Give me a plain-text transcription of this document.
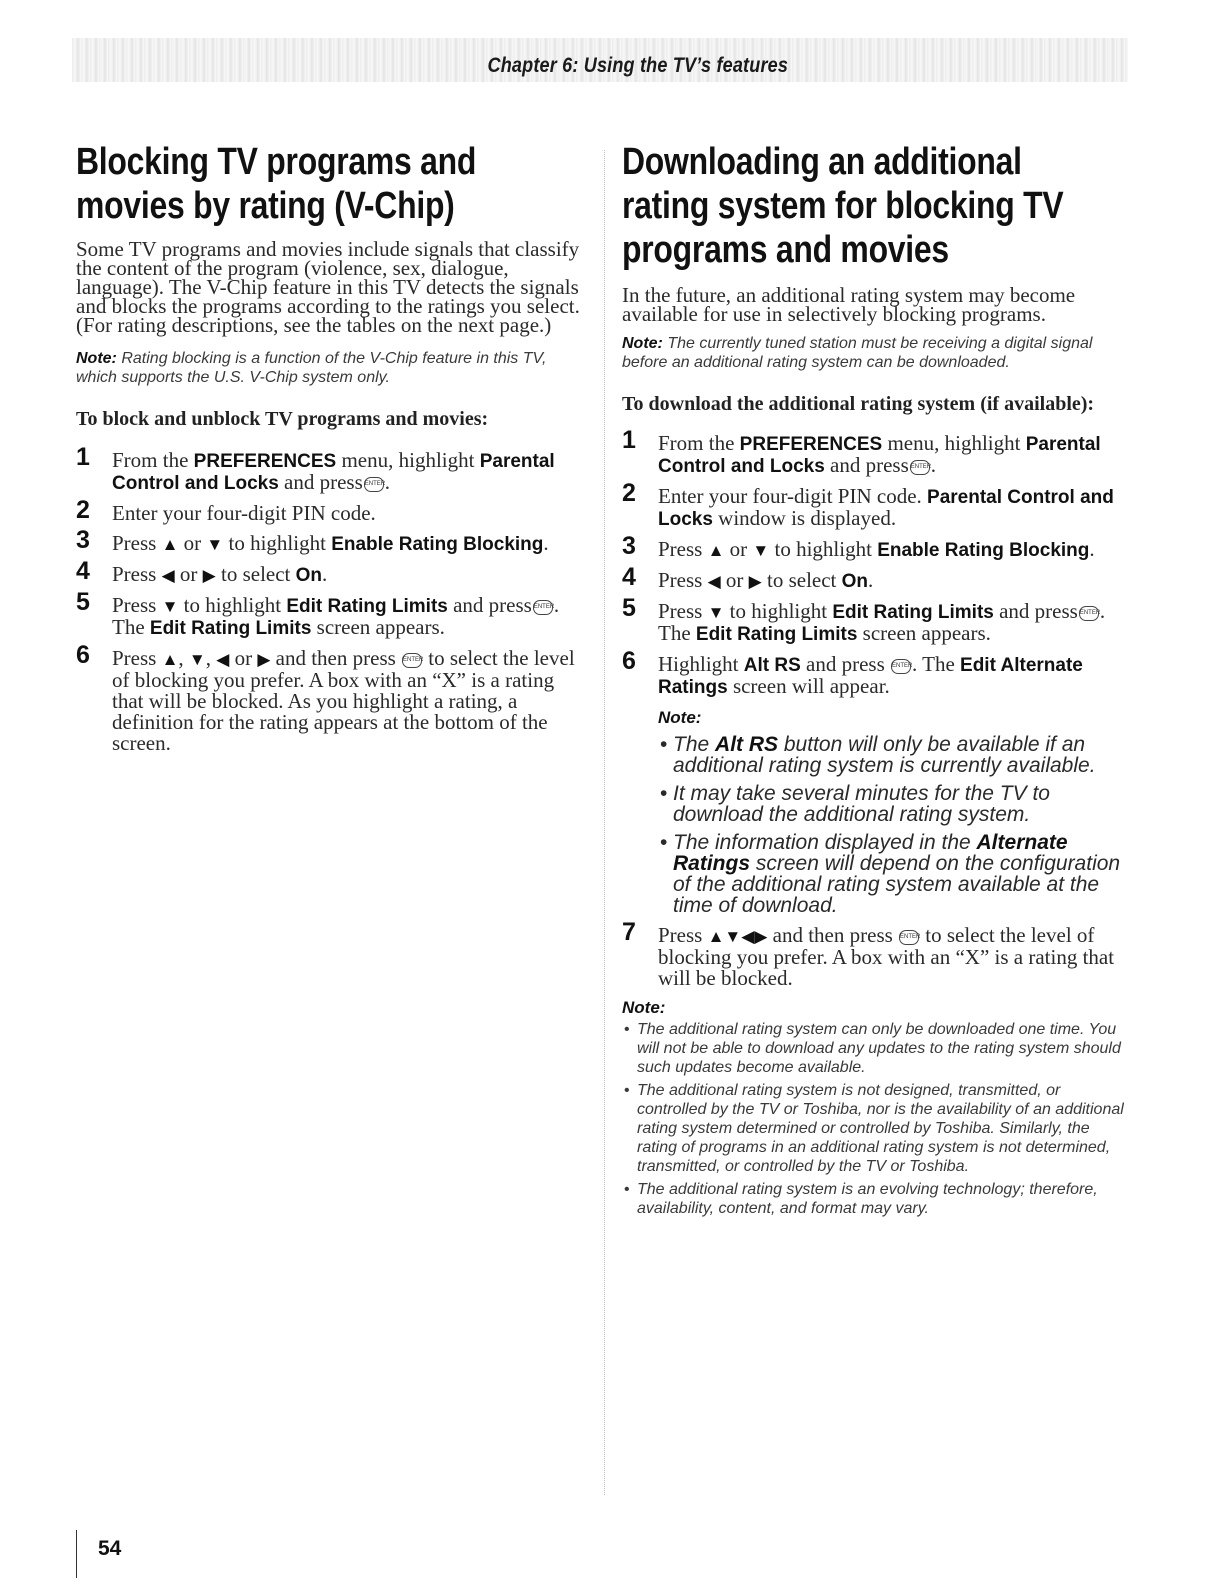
Chapter 6: Using the TV’s features
Blocking TV programs and movies by rating (V-Chip)

Some TV programs and movies include signals that classify the content of the program (violence, sex, dialogue, language). The V-Chip feature in this TV detects the signals and blocks the programs according to the ratings you select. (For rating descriptions, see the tables on the next page.)

Note: Rating blocking is a function of the V-Chip feature in this TV, which supports the U.S. V-Chip system only.

To block and unblock TV programs and movies:

1 From the PREFERENCES menu, highlight Parental Control and Locks and press ENTER.
2 Enter your four-digit PIN code.
3 Press ▲ or ▼ to highlight Enable Rating Blocking.
4 Press ◀ or ▶ to select On.
5 Press ▼ to highlight Edit Rating Limits and press ENTER.
The Edit Rating Limits screen appears.
6 Press ▲, ▼, ◀ or ▶ and then press ENTER to select the level of blocking you prefer. A box with an “X” is a rating that will be blocked. As you highlight a rating, a definition for the rating appears at the bottom of the screen.
Downloading an additional rating system for blocking TV programs and movies

In the future, an additional rating system may become available for use in selectively blocking programs.

Note: The currently tuned station must be receiving a digital signal before an additional rating system can be downloaded.

To download the additional rating system (if available):

1 From the PREFERENCES menu, highlight Parental Control and Locks and press ENTER.
2 Enter your four-digit PIN code. Parental Control and Locks window is displayed.
3 Press ▲ or ▼ to highlight Enable Rating Blocking.
4 Press ◀ or ▶ to select On.
5 Press ▼ to highlight Edit Rating Limits and press ENTER.
The Edit Rating Limits screen appears.
6 Highlight Alt RS and press ENTER. The Edit Alternate Ratings screen will appear.
Note:
• The Alt RS button will only be available if an additional rating system is currently available.
• It may take several minutes for the TV to download the additional rating system.
• The information displayed in the Alternate Ratings screen will depend on the configuration of the additional rating system available at the time of download.
7 Press ▲▼◀▶ and then press ENTER to select the level of blocking you prefer. A box with an “X” is a rating that will be blocked.
Note:
• The additional rating system can only be downloaded one time. You will not be able to download any updates to the rating system should such updates become available.
• The additional rating system is not designed, transmitted, or controlled by the TV or Toshiba, nor is the availability of an additional rating system determined or controlled by Toshiba. Similarly, the rating of programs in an additional rating system is not determined, transmitted, or controlled by the TV or Toshiba.
• The additional rating system is an evolving technology; therefore, availability, content, and format may vary.
54
